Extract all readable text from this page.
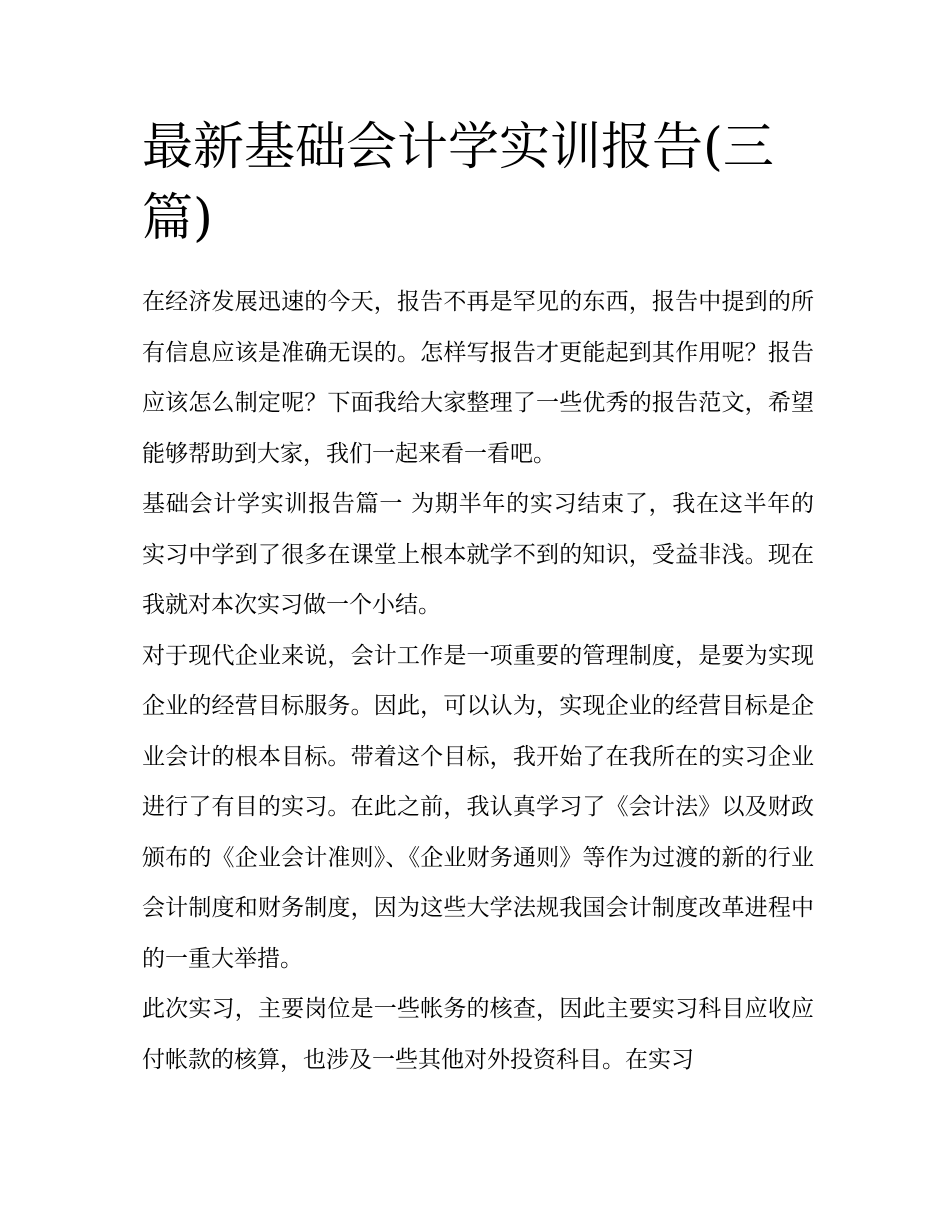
最新基础会计学实训报告(三篇)

在经济发展迅速的今天，报告不再是罕见的东西，报告中提到的所有信息应该是准确无误的。怎样写报告才更能起到其作用呢？报告应该怎么制定呢？下面我给大家整理了一些优秀的报告范文，希望能够帮助到大家，我们一起来看一看吧。

基础会计学实训报告篇一 为期半年的实习结束了，我在这半年的实习中学到了很多在课堂上根本就学不到的知识，受益非浅。现在我就对本次实习做一个小结。

对于现代企业来说，会计工作是一项重要的管理制度，是要为实现企业的经营目标服务。因此，可以认为，实现企业的经营目标是企业会计的根本目标。带着这个目标，我开始了在我所在的实习企业进行了有目的实习。在此之前，我认真学习了《会计法》以及财政颁布的《企业会计准则》、《企业财务通则》等作为过渡的新的行业会计制度和财务制度，因为这些大学法规我国会计制度改革进程中的一重大举措。

此次实习，主要岗位是一些帐务的核查，因此主要实习科目应收应付帐款的核算，也涉及一些其他对外投资科目。在实习
